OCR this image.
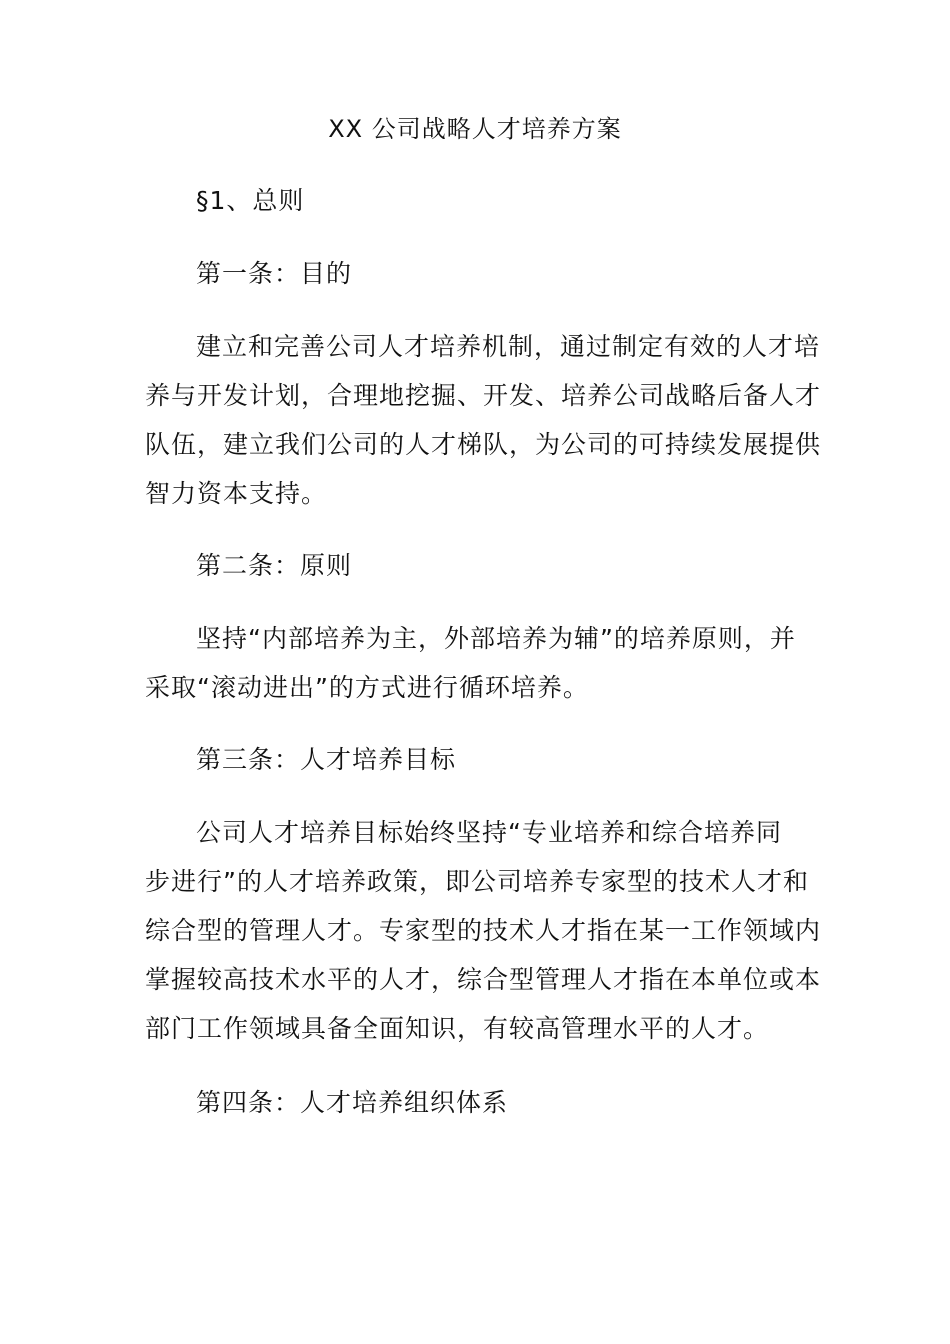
XX 公司战略人才培养方案
§1、总则
第一条：目的
建立和完善公司人才培养机制，通过制定有效的人才培
养与开发计划，合理地挖掘、开发、培养公司战略后备人才
队伍，建立我们公司的人才梯队，为公司的可持续发展提供
智力资本支持。
第二条：原则
坚持“内部培养为主，外部培养为辅”的培养原则，并
采取“滚动进出”的方式进行循环培养。
第三条：人才培养目标
公司人才培养目标始终坚持“专业培养和综合培养同
步进行”的人才培养政策，即公司培养专家型的技术人才和
综合型的管理人才。专家型的技术人才指在某一工作领域内
掌握较高技术水平的人才，综合型管理人才指在本单位或本
部门工作领域具备全面知识，有较高管理水平的人才。
第四条：人才培养组织体系
